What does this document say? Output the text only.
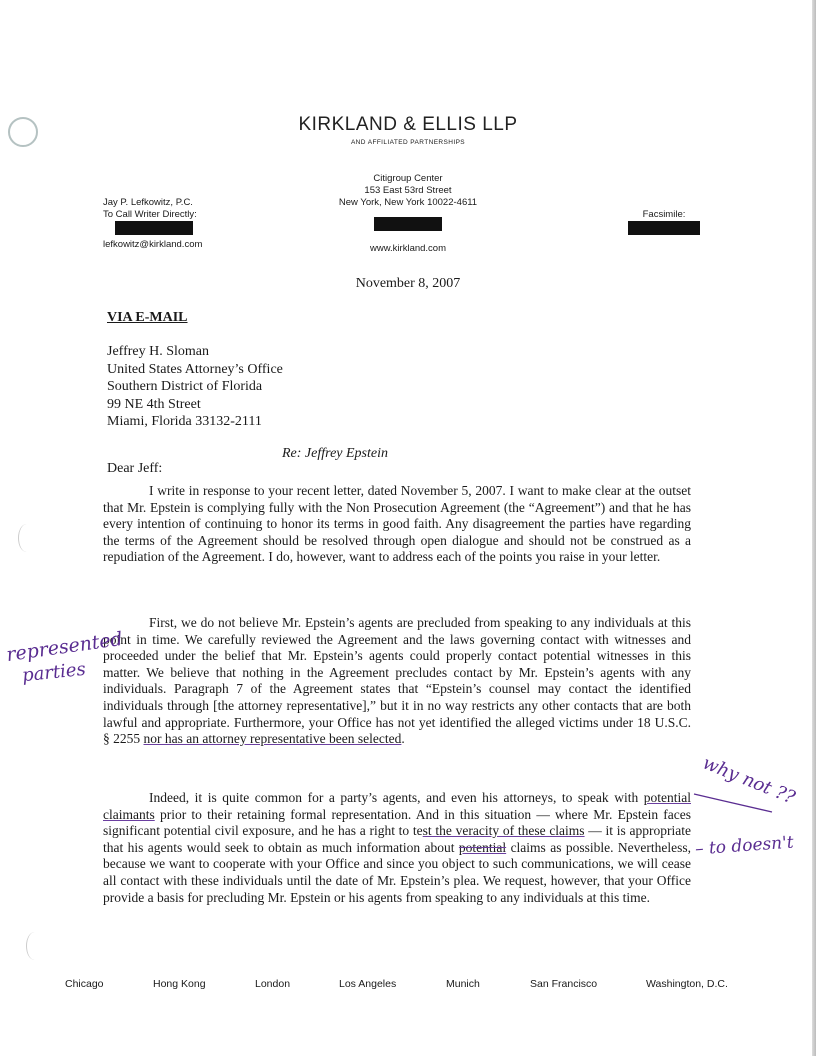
KIRKLAND & ELLIS LLP
AND AFFILIATED PARTNERSHIPS
Jay P. Lefkowitz, P.C.
To Call Writer Directly:
lefkowitz@kirkland.com
Citigroup Center
153 East 53rd Street
New York, New York 10022-4611
www.kirkland.com
Facsimile:
November 8, 2007
VIA E-MAIL
Jeffrey H. Sloman
United States Attorney’s Office
Southern District of Florida
99 NE 4th Street
Miami, Florida 33132-2111
Re: Jeffrey Epstein
Dear Jeff:

I write in response to your recent letter, dated November 5, 2007. I want to make clear at the outset that Mr. Epstein is complying fully with the Non Prosecution Agreement (the “Agreement”) and that he has every intention of continuing to honor its terms in good faith. Any disagreement the parties have regarding the terms of the Agreement should be resolved through open dialogue and should not be construed as a repudiation of the Agreement. I do, however, want to address each of the points you raise in your letter.

First, we do not believe Mr. Epstein’s agents are precluded from speaking to any individuals at this point in time. We carefully reviewed the Agreement and the laws governing contact with witnesses and proceeded under the belief that Mr. Epstein’s agents could properly contact potential witnesses in this matter. We believe that nothing in the Agreement precludes contact by Mr. Epstein’s agents with any individuals. Paragraph 7 of the Agreement states that “Epstein’s counsel may contact the identified individuals through [the attorney representative],” but it in no way restricts any other contacts that are both lawful and appropriate. Furthermore, your Office has not yet identified the alleged victims under 18 U.S.C. § 2255 nor has an attorney representative been selected.

Indeed, it is quite common for a party’s agents, and even his attorneys, to speak with potential claimants prior to their retaining formal representation. And in this situation — where Mr. Epstein faces significant potential civil exposure, and he has a right to test the veracity of these claims — it is appropriate that his agents would seek to obtain as much information about potential claims as possible. Nevertheless, because we want to cooperate with your Office and since you object to such communications, we will cease all contact with these individuals until the date of Mr. Epstein’s plea. We request, however, that your Office provide a basis for precluding Mr. Epstein or his agents from speaking to any individuals at this time.

represented
parties
why not ??
– to doesn't
Chicago	Hong Kong	London	Los Angeles	Munich	San Francisco	Washington, D.C.
